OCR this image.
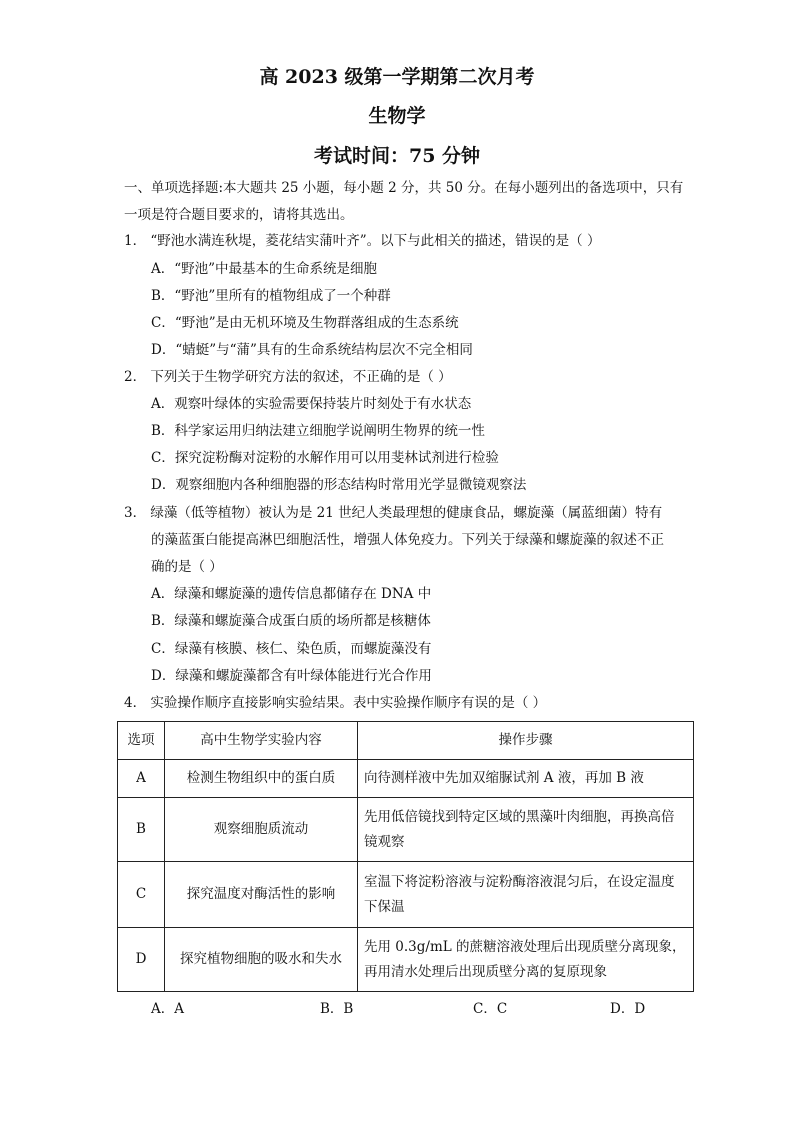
高 2023 级第一学期第二次月考
生物学
考试时间：75 分钟
一、单项选择题:本大题共 25 小题，每小题 2 分，共 50 分。在每小题列出的备选项中，只有
一项是符合题目要求的，请将其选出。
1． “野池水满连秋堤，菱花结实蒲叶齐”。以下与此相关的描述，错误的是（ ）
A．“野池”中最基本的生命系统是细胞
B．“野池”里所有的植物组成了一个种群
C．“野池”是由无机环境及生物群落组成的生态系统
D．“蜻蜓”与“蒲”具有的生命系统结构层次不完全相同
2． 下列关于生物学研究方法的叙述，不正确的是（ ）
A．观察叶绿体的实验需要保持装片时刻处于有水状态
B．科学家运用归纳法建立细胞学说阐明生物界的统一性
C．探究淀粉酶对淀粉的水解作用可以用斐林试剂进行检验
D．观察细胞内各种细胞器的形态结构时常用光学显微镜观察法
3． 绿藻（低等植物）被认为是 21 世纪人类最理想的健康食品，螺旋藻（属蓝细菌）特有
的藻蓝蛋白能提高淋巴细胞活性，增强人体免疫力。下列关于绿藻和螺旋藻的叙述不正
确的是（ ）
A．绿藻和螺旋藻的遗传信息都储存在 DNA 中
B．绿藻和螺旋藻合成蛋白质的场所都是核糖体
C．绿藻有核膜、核仁、染色质，而螺旋藻没有
D．绿藻和螺旋藻都含有叶绿体能进行光合作用
4． 实验操作顺序直接影响实验结果。表中实验操作顺序有误的是（ ）
选项	高中生物学实验内容	操作步骤
A	检测生物组织中的蛋白质	向待测样液中先加双缩脲试剂 A 液，再加 B 液
B	观察细胞质流动	先用低倍镜找到特定区域的黑藻叶肉细胞，再换高倍镜观察
C	探究温度对酶活性的影响	室温下将淀粉溶液与淀粉酶溶液混匀后，在设定温度下保温
D	探究植物细胞的吸水和失水	先用 0.3g/mL 的蔗糖溶液处理后出现质壁分离现象，再用清水处理后出现质壁分离的复原现象
A．A	B．B	C．C	D．D
